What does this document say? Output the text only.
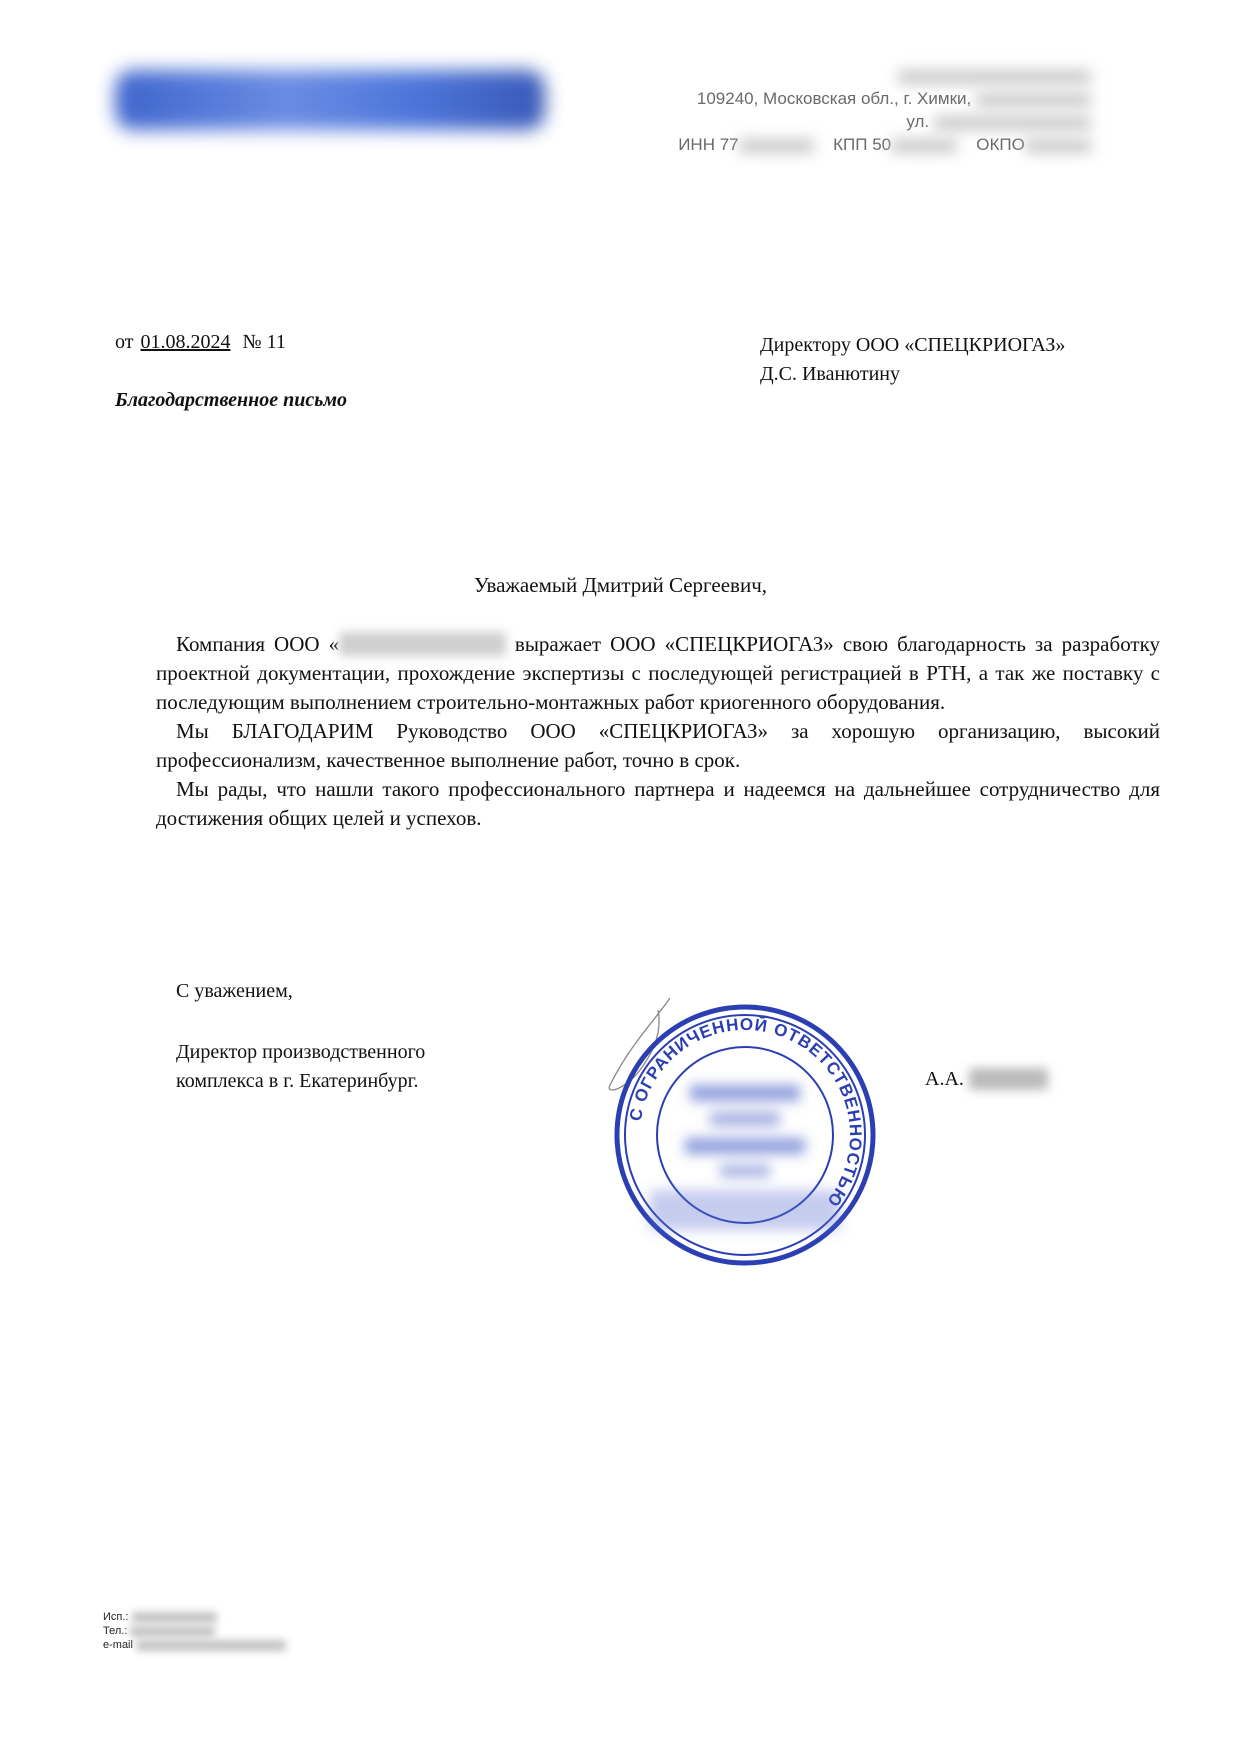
109240, Московская обл., г. Химки,
ул.
ИНН 77	КПП 50	ОКПО
от 01.08.2024 № 11
Благодарственное письмо
Директору ООО «СПЕЦКРИОГАЗ»
Д.С. Иванютину
Уважаемый Дмитрий Сергеевич,

Компания ООО «	выражает ООО «СПЕЦКРИОГАЗ» свою благодарность за разработку проектной документации, прохождение экспертизы с последующей регистрацией в РТН, а так же поставку с последующим выполнением строительно-монтажных работ криогенного оборудования.

Мы БЛАГОДАРИМ Руководство ООО «СПЕЦКРИОГАЗ» за хорошую организацию, высокий профессионализм, качественное выполнение работ, точно в срок.

Мы рады, что нашли такого профессионального партнера и надеемся на дальнейшее сотрудничество для достижения общих целей и успехов.

С уважением,
Директор производственного
комплекса в г. Екатеринбург.
С ОГРАНИЧЕННОЙ ОТВЕТСТВЕННОСТЬЮ
А.А.
Исп.:
Тел.:
e-mail
